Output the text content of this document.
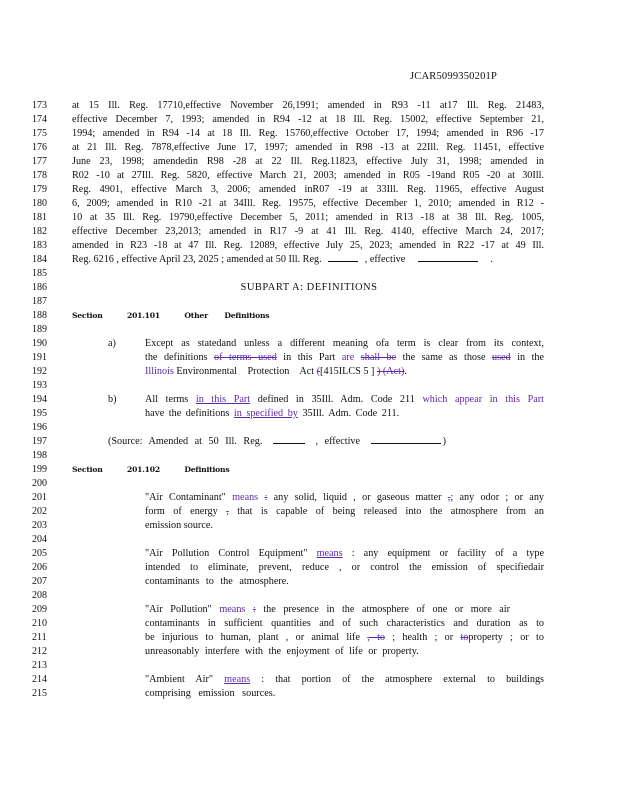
JCAR5099350201P
173	at 15 Ill. Reg. 17710,effective November 26,1991; amended in R93 -11 at17 Ill. Reg. 21483,
174	effective December 7, 1993; amended in R94 -12 at 18 Ill. Reg. 15002, effective September 21,
175	1994; amended in R94 -14 at 18 Ill. Reg. 15760,effective October 17, 1994; amended in R96 -17
176	at 21 Ill. Reg. 7878,effective June 17, 1997; amended in R98 -13 at 22Ill. Reg. 11451, effective
177	June 23, 1998; amendedin R98 -28 at 22 Ill. Reg.11823, effective July 31, 1998; amended in
178	R02 -10 at 27Ill. Reg. 5820, effective March 21, 2003; amended in R05 -19and R05 -20 at 30Ill.
179	Reg. 4901, effective March 3, 2006; amended inR07 -19 at 33Ill. Reg. 11965, effective August
180	6, 2009; amended in R10 -21 at 34Ill. Reg. 19575, effective December 1, 2010; amended in R12 -
181	10 at 35 Ill. Reg. 19790,effective December 5, 2011; amended in R13 -18 at 38 Ill. Reg. 1005,
182	effective December 23,2013; amended in R17 -9 at 41 Ill. Reg. 4140, effective March 24, 2017;
183	amended in R23 -18 at 47 Ill. Reg. 12089, effective July 25, 2023; amended in R22 -17 at 49 Ill.
184	Reg. 6216 , effective April 23, 2025 ; amended at 50 Ill. Reg.	, effective	.
185
186	SUBPART A: DEFINITIONS
187
188	Section	201.101	Other Definitions
189
190	a)	Except as statedand unless a different meaning ofa term is clear from its context,
191	the definitions of terms used in this Part are shall be the same as those used in the
192	Illinois Environmental Protection Act ([415ILCS 5 ] ) (Act).
193
194	b)	All terms in this Part defined in 35Ill. Adm. Code 211 which appear in this Part
195	have the definitions in specified by 35Ill. Adm. Code 211.
196
197	(Source: Amended at 50 Ill. Reg.	, effective	)
198
199	Section	201.102	Definitions
200
201	"Air Contaminant" means : any solid, liquid , or gaseous matter ,; any odor ; or any
202	form of energy , that is capable of being released into the atmosphere from an
203	emission source.
204
205	"Air Pollution Control Equipment" means : any equipment or facility of a type
206	intended to eliminate, prevent, reduce , or control the emission of specifiedair
207	contaminants to the atmosphere.
208
209	"Air Pollution" means : the presence in the atmosphere of one or more air
210	contaminants in sufficient quantities and of such characteristics and duration as to
211	be injurious to human, plant , or animal life , to ; health ; or toproperty ; or to
212	unreasonably interfere with the enjoyment of life or property.
213
214	"Ambient Air" means : that portion of the atmosphere external to buildings
215	comprising emission sources.
